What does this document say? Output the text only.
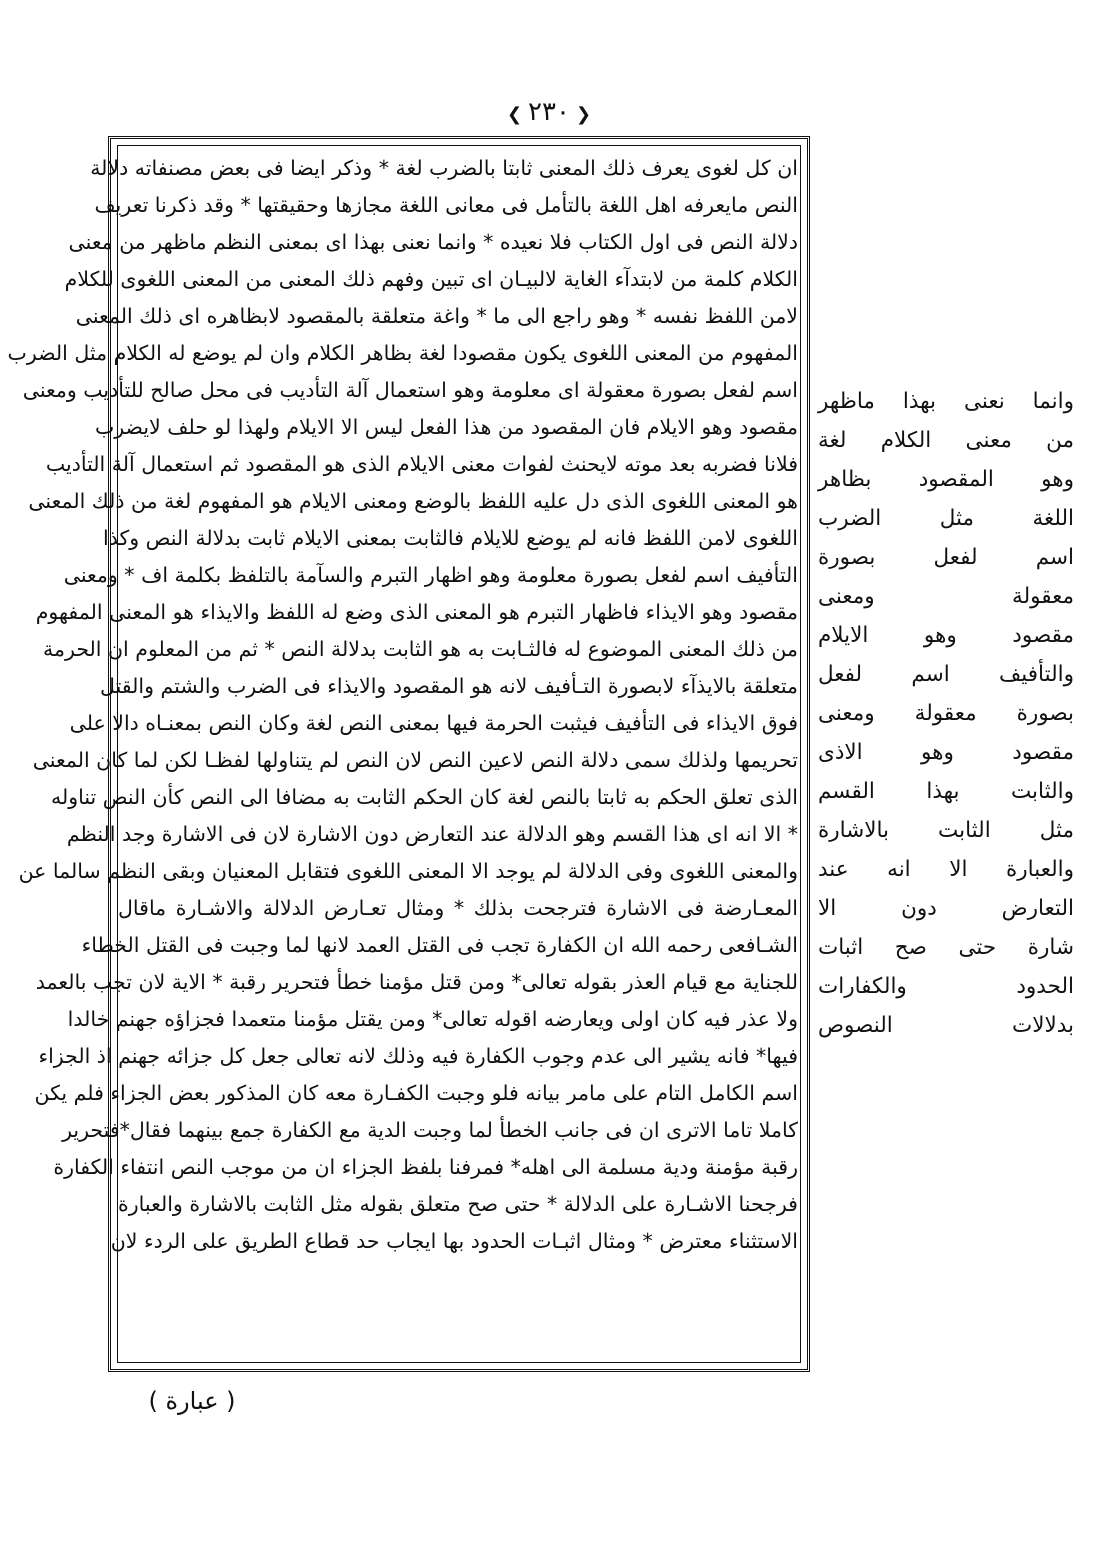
❮ ٢٣٠ ❯
ان كل لغوى يعرف ذلك المعنى ثابتا بالضرب لغة * وذكر ايضا فى بعض مصنفاته دلالة
النص مايعرفه اهل اللغة بالتأمل فى معانى اللغة مجازها وحقيقتها * وقد ذكرنا تعريف
دلالة النص فى اول الكتاب فلا نعيده * وانما نعنى بهذا اى بمعنى النظم ماظهر من معنى
الكلام كلمة من لابتدآء الغاية لالبيـان اى تبين وفهم ذلك المعنى من المعنى اللغوى للكلام
لامن اللفظ نفسه * وهو راجع الى ما * واغة متعلقة بالمقصود لابظاهره اى ذلك المعنى
المفهوم من المعنى اللغوى يكون مقصودا لغة بظاهر الكلام وان لم يوضع له الكلام مثل الضرب
اسم لفعل بصورة معقولة اى معلومة وهو استعمال آلة التأديب فى محل صالح للتأديب ومعنى
مقصود وهو الايلام فان المقصود من هذا الفعل ليس الا الايلام ولهذا لو حلف لايضرب
فلانا فضربه بعد موته لايحنث لفوات معنى الايلام الذى هو المقصود ثم استعمال آلة التأديب
هو المعنى اللغوى الذى دل عليه اللفظ بالوضع ومعنى الايلام هو المفهوم لغة من ذلك المعنى
اللغوى لامن اللفظ فانه لم يوضع للايلام فالثابت بمعنى الايلام ثابت بدلالة النص وكذا
التأفيف اسم لفعل بصورة معلومة وهو اظهار التبرم والسآمة بالتلفظ بكلمة اف * ومعنى
مقصود وهو الايذاء فاظهار التبرم هو المعنى الذى وضع له اللفظ والايذاء هو المعنى المفهوم
من ذلك المعنى الموضوع له فالثـابت به هو الثابت بدلالة النص * ثم من المعلوم ان الحرمة
متعلقة بالايذآء لابصورة التـأفيف لانه هو المقصود والايذاء فى الضرب والشتم والقتل
فوق الايذاء فى التأفيف فيثبت الحرمة فيها بمعنى النص لغة وكان النص بمعنـاه دالا على
تحريمها ولذلك سمى دلالة النص لاعين النص لان النص لم يتناولها لفظـا لكن لما كان المعنى
الذى تعلق الحكم به ثابتا بالنص لغة كان الحكم الثابت به مضافا الى النص كأن النص تناوله
* الا انه اى هذا القسم وهو الدلالة عند التعارض دون الاشارة لان فى الاشارة وجد النظم
والمعنى اللغوى وفى الدلالة لم يوجد الا المعنى اللغوى فتقابل المعنيان وبقى النظم سالما عن
المعـارضة فى الاشارة فترجحت بذلك * ومثال تعـارض الدلالة والاشـارة ماقال
الشـافعى رحمه الله ان الكفارة تجب فى القتل العمد لانها لما وجبت فى القتل الخطاء
للجناية مع قيام العذر بقوله تعالى* ومن قتل مؤمنا خطأ فتحرير رقبة * الاية لان تجب بالعمد
ولا عذر فيه كان اولى ويعارضه اقوله تعالى* ومن يقتل مؤمنا متعمدا فجزاؤه جهنم خالدا
فيها* فانه يشير الى عدم وجوب الكفارة فيه وذلك لانه تعالى جعل كل جزائه جهنم اذ الجزاء
اسم الكامل التام على مامر بيانه فلو وجبت الكفـارة معه كان المذكور بعض الجزاء فلم يكن
كاملا تاما الاترى ان فى جانب الخطأ لما وجبت الدية مع الكفارة جمع بينهما فقال*فتحرير
رقبة مؤمنة ودية مسلمة الى اهله* فمرفنا بلفظ الجزاء ان من موجب النص انتفاء الكفارة
فرجحنا الاشـارة على الدلالة * حتى صح متعلق بقوله مثل الثابت بالاشارة والعبارة
الاستثناء معترض * ومثال اثبـات الحدود بها ايجاب حد قطاع الطريق على الردء لان
وانما نعنى بهذا ماظهر
من معنى الكلام لغة
وهو المقصود بظاهر
اللغة مثل الضرب
اسم لفعل بصورة
معقولة ومعنى
مقصود وهو الايلام
والتأفيف اسم لفعل
بصورة معقولة ومعنى
مقصود وهو الاذى
والثابت بهذا القسم
مثل الثابت بالاشارة
والعبارة الا انه عند
التعارض دون الا
شارة حتى صح اثبات
الحدود والكفارات
بدلالات النصوص
( عبارة )
